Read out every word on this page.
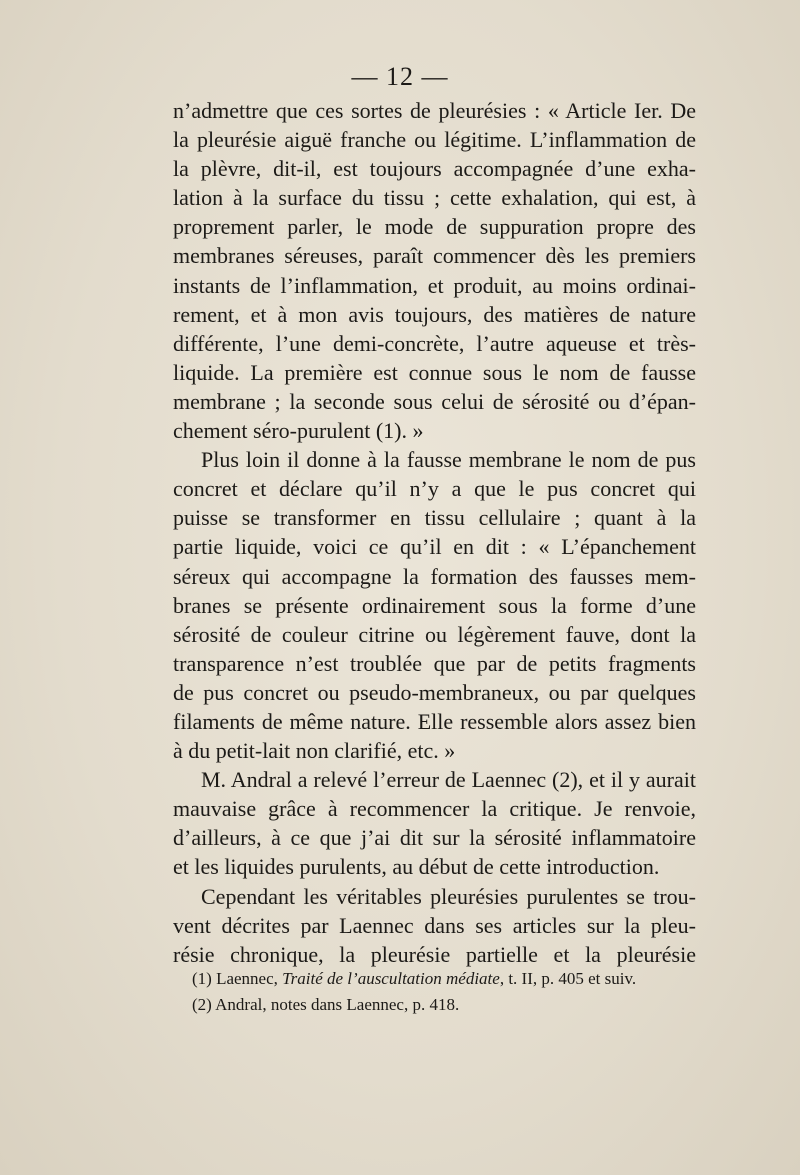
— 12 —
n’admettre que ces sortes de pleurésies : « Article Ier. De
la pleurésie aiguë franche ou légitime. L’inflammation de
la plèvre, dit-il, est toujours accompagnée d’une exha-
lation à la surface du tissu ; cette exhalation, qui est, à
proprement parler, le mode de suppuration propre des
membranes séreuses, paraît commencer dès les premiers
instants de l’inflammation, et produit, au moins ordinai-
rement, et à mon avis toujours, des matières de nature
différente, l’une demi-concrète, l’autre aqueuse et très-
liquide. La première est connue sous le nom de fausse
membrane ; la seconde sous celui de sérosité ou d’épan-
chement séro-purulent (1). »
Plus loin il donne à la fausse membrane le nom de pus
concret et déclare qu’il n’y a que le pus concret qui
puisse se transformer en tissu cellulaire ; quant à la
partie liquide, voici ce qu’il en dit : « L’épanchement
séreux qui accompagne la formation des fausses mem-
branes se présente ordinairement sous la forme d’une
sérosité de couleur citrine ou légèrement fauve, dont la
transparence n’est troublée que par de petits fragments
de pus concret ou pseudo-membraneux, ou par quelques
filaments de même nature. Elle ressemble alors assez bien
à du petit-lait non clarifié, etc. »
M. Andral a relevé l’erreur de Laennec (2), et il y aurait
mauvaise grâce à recommencer la critique. Je renvoie,
d’ailleurs, à ce que j’ai dit sur la sérosité inflammatoire
et les liquides purulents, au début de cette introduction.
Cependant les véritables pleurésies purulentes se trou-
vent décrites par Laennec dans ses articles sur la pleu-
résie chronique, la pleurésie partielle et la pleurésie
(1) Laennec, Traité de l’auscultation médiate, t. II, p. 405 et suiv.
(2) Andral, notes dans Laennec, p. 418.
